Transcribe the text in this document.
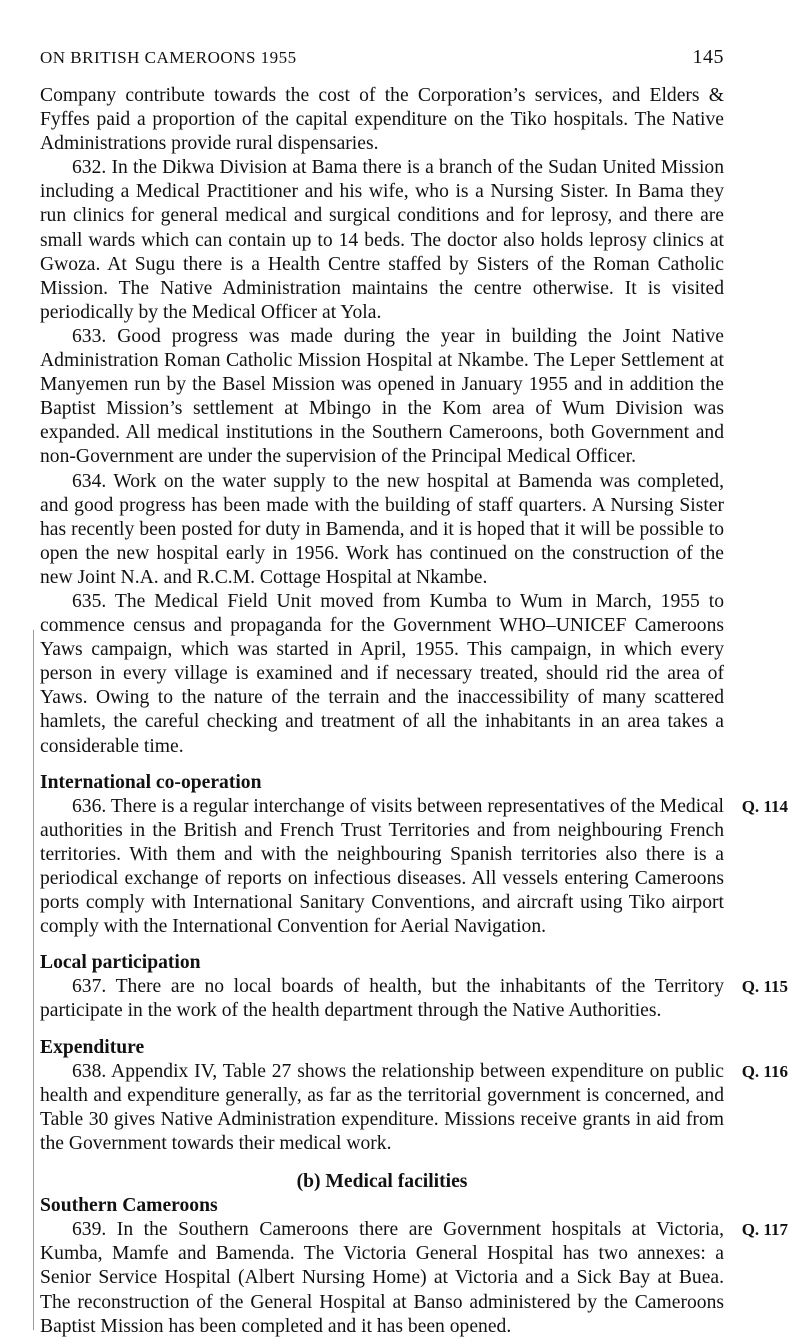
ON BRITISH CAMEROONS 1955	145

Company contribute towards the cost of the Corporation’s services, and Elders & Fyffes paid a proportion of the capital expenditure on the Tiko hospitals. The Native Administrations provide rural dispensaries.

632. In the Dikwa Division at Bama there is a branch of the Sudan United Mission including a Medical Practitioner and his wife, who is a Nursing Sister. In Bama they run clinics for general medical and surgical conditions and for leprosy, and there are small wards which can contain up to 14 beds. The doctor also holds leprosy clinics at Gwoza. At Sugu there is a Health Centre staffed by Sisters of the Roman Catholic Mission. The Native Administration maintains the centre otherwise. It is visited periodically by the Medical Officer at Yola.

633. Good progress was made during the year in building the Joint Native Administration Roman Catholic Mission Hospital at Nkambe. The Leper Settlement at Manyemen run by the Basel Mission was opened in January 1955 and in addition the Baptist Mission’s settlement at Mbingo in the Kom area of Wum Division was expanded. All medical institutions in the Southern Cameroons, both Government and non-Government are under the supervision of the Principal Medical Officer.

634. Work on the water supply to the new hospital at Bamenda was completed, and good progress has been made with the building of staff quarters. A Nursing Sister has recently been posted for duty in Bamenda, and it is hoped that it will be possible to open the new hospital early in 1956. Work has continued on the construction of the new Joint N.A. and R.C.M. Cottage Hospital at Nkambe.

635. The Medical Field Unit moved from Kumba to Wum in March, 1955 to commence census and propaganda for the Government WHO–UNICEF Cameroons Yaws campaign, which was started in April, 1955. This campaign, in which every person in every village is examined and if necessary treated, should rid the area of Yaws. Owing to the nature of the terrain and the inaccessibility of many scattered hamlets, the careful checking and treatment of all the inhabitants in an area takes a considerable time.

International co-operation
Q. 114

636. There is a regular interchange of visits between representatives of the Medical authorities in the British and French Trust Territories and from neighbouring French territories. With them and with the neighbouring Spanish territories also there is a periodical exchange of reports on infectious diseases. All vessels entering Cameroons ports comply with International Sanitary Conventions, and aircraft using Tiko airport comply with the International Convention for Aerial Navigation.

Local participation
Q. 115

637. There are no local boards of health, but the inhabitants of the Territory participate in the work of the health department through the Native Authorities.

Expenditure
Q. 116

638. Appendix IV, Table 27 shows the relationship between expenditure on public health and expenditure generally, as far as the territorial government is concerned, and Table 30 gives Native Administration expenditure. Missions receive grants in aid from the Government towards their medical work.

(b) Medical facilities
Southern Cameroons
Q. 117

639. In the Southern Cameroons there are Government hospitals at Victoria, Kumba, Mamfe and Bamenda. The Victoria General Hospital has two annexes: a Senior Service Hospital (Albert Nursing Home) at Victoria and a Sick Bay at Buea. The reconstruction of the General Hospital at Banso administered by the Cameroons Baptist Mission has been completed and it has been opened.
